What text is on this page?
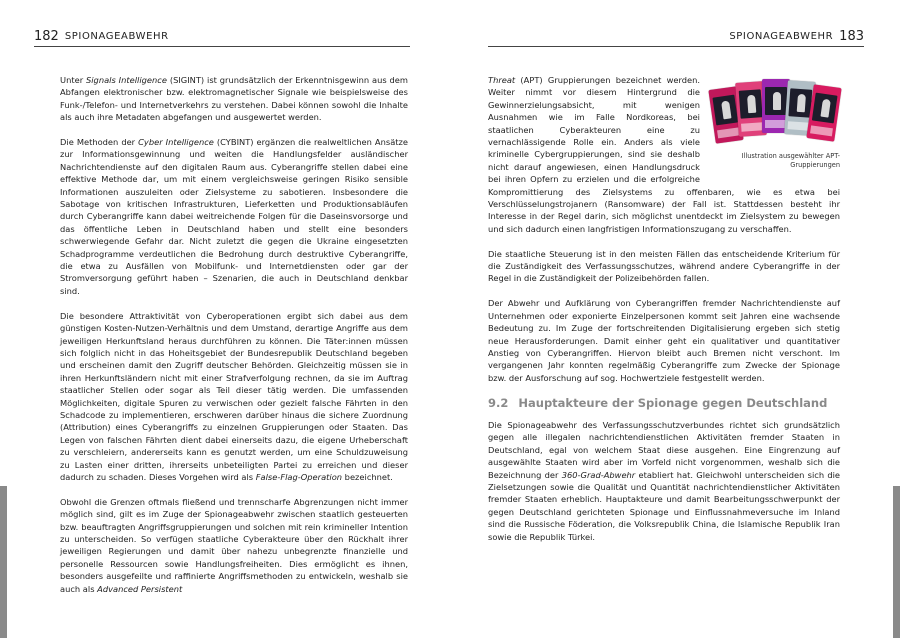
182 SPIONAGEABWEHR

Unter Signals Intelligence (SIGINT) ist grundsätzlich der Erkenntnisgewinn aus dem Abfangen elektronischer bzw. elektromagnetischer Signale wie beispielsweise des Funk-/Telefon- und Internetverkehrs zu verstehen. Dabei können sowohl die Inhalte als auch ihre Metadaten abgefangen und ausgewertet werden.

Die Methoden der Cyber Intelligence (CYBINT) ergänzen die realweltlichen Ansätze zur Informationsgewinnung und weiten die Handlungsfelder ausländischer Nachrichtendienste auf den digitalen Raum aus. Cyberangriffe stellen dabei eine effektive Methode dar, um mit einem vergleichsweise geringen Risiko sensible Informationen auszuleiten oder Zielsysteme zu sabotieren. Insbesondere die Sabotage von kritischen Infrastrukturen, Lieferketten und Produktionsabläufen durch Cyberangriffe kann dabei weitreichende Folgen für die Daseinsvorsorge und das öffentliche Leben in Deutschland haben und stellt eine besonders schwerwiegende Gefahr dar. Nicht zuletzt die gegen die Ukraine eingesetzten Schadprogramme verdeutlichen die Bedrohung durch destruktive Cyberangriffe, die etwa zu Ausfällen von Mobilfunk- und Internetdiensten oder gar der Stromversorgung geführt haben – Szenarien, die auch in Deutschland denkbar sind.

Die besondere Attraktivität von Cyberoperationen ergibt sich dabei aus dem günstigen Kosten-Nutzen-Verhältnis und dem Umstand, derartige Angriffe aus dem jeweiligen Herkunftsland heraus durchführen zu können. Die Täter:innen müssen sich folglich nicht in das Hoheitsgebiet der Bundesrepublik Deutschland begeben und erscheinen damit den Zugriff deutscher Behörden. Gleichzeitig müssen sie in ihren Herkunftsländern nicht mit einer Strafverfolgung rechnen, da sie im Auftrag staatlicher Stellen oder sogar als Teil dieser tätig werden. Die umfassenden Möglichkeiten, digitale Spuren zu verwischen oder gezielt falsche Fährten in den Schadcode zu implementieren, erschweren darüber hinaus die sichere Zuordnung (Attribution) eines Cyberangriffs zu einzelnen Gruppierungen oder Staaten. Das Legen von falschen Fährten dient dabei einerseits dazu, die eigene Urheberschaft zu verschleiern, andererseits kann es genutzt werden, um eine Schuldzuweisung zu Lasten einer dritten, ihrerseits unbeteiligten Partei zu erreichen und dieser dadurch zu schaden. Dieses Vorgehen wird als False-Flag-Operation bezeichnet.

Obwohl die Grenzen oftmals fließend und trennscharfe Abgrenzungen nicht immer möglich sind, gilt es im Zuge der Spionageabwehr zwischen staatlich gesteuerten bzw. beauftragten Angriffsgruppierungen und solchen mit rein krimineller Intention zu unterscheiden. So verfügen staatliche Cyberakteure über den Rückhalt ihrer jeweiligen Regierungen und damit über nahezu unbegrenzte finanzielle und personelle Ressourcen sowie Handlungsfreiheiten. Dies ermöglicht es ihnen, besonders ausgefeilte und raffinierte Angriffsmethoden zu entwickeln, weshalb sie auch als Advanced Persistent

SPIONAGEABWEHR 183
Illustration ausgewählter APT-Gruppierungen

Threat (APT) Gruppierungen bezeichnet werden. Weiter nimmt vor diesem Hintergrund die Gewinnerzielungsabsicht, mit wenigen Ausnahmen wie im Falle Nordkoreas, bei staatlichen Cyberakteuren eine zu vernachlässigende Rolle ein. Anders als viele kriminelle Cybergruppierungen, sind sie deshalb nicht darauf angewiesen, einen Handlungsdruck bei ihren Opfern zu erzielen und die erfolgreiche Kompromittierung des Zielsystems zu offenbaren, wie es etwa bei Verschlüsselungstrojanern (Ransomware) der Fall ist. Stattdessen besteht ihr Interesse in der Regel darin, sich möglichst unentdeckt im Zielsystem zu bewegen und sich dadurch einen langfristigen Informationszugang zu verschaffen.

Die staatliche Steuerung ist in den meisten Fällen das entscheidende Kriterium für die Zuständigkeit des Verfassungsschutzes, während andere Cyberangriffe in der Regel in die Zuständigkeit der Polizeibehörden fallen.

Der Abwehr und Aufklärung von Cyberangriffen fremder Nachrichtendienste auf Unternehmen oder exponierte Einzelpersonen kommt seit Jahren eine wachsende Bedeutung zu. Im Zuge der fortschreitenden Digitalisierung ergeben sich stetig neue Herausforderungen. Damit einher geht ein qualitativer und quantitativer Anstieg von Cyberangriffen. Hiervon bleibt auch Bremen nicht verschont. Im vergangenen Jahr konnten regelmäßig Cyberangriffe zum Zwecke der Spionage bzw. der Ausforschung auf sog. Hochwertziele festgestellt werden.

9.2 Hauptakteure der Spionage gegen Deutschland

Die Spionageabwehr des Verfassungsschutzverbundes richtet sich grundsätzlich gegen alle illegalen nachrichtendienstlichen Aktivitäten fremder Staaten in Deutschland, egal von welchem Staat diese ausgehen. Eine Eingrenzung auf ausgewählte Staaten wird aber im Vorfeld nicht vorgenommen, weshalb sich die Bezeichnung der 360-Grad-Abwehr etabliert hat. Gleichwohl unterscheiden sich die Zielsetzungen sowie die Qualität und Quantität nachrichtendienstlicher Aktivitäten fremder Staaten erheblich. Hauptakteure und damit Bearbeitungsschwerpunkt der gegen Deutschland gerichteten Spionage und Einflussnahmeversuche im Inland sind die Russische Föderation, die Volksrepublik China, die Islamische Republik Iran sowie die Republik Türkei.
